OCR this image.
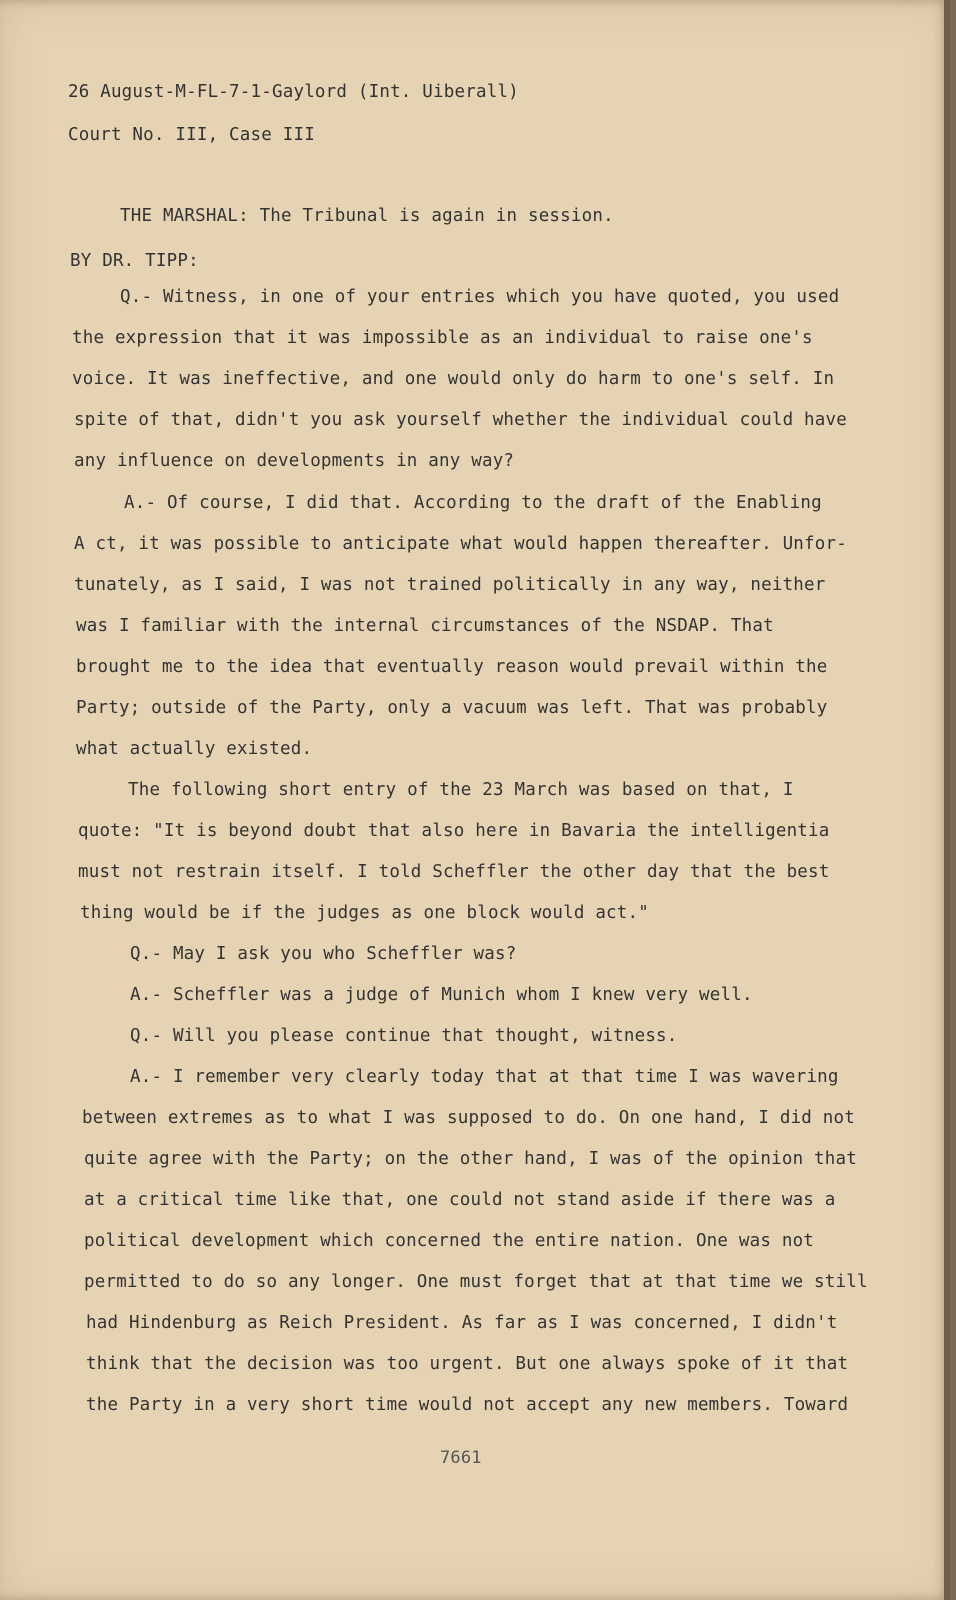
26 August-M-FL-7-1-Gaylord (Int. Uiberall)
Court No. III, Case III
THE MARSHAL: The Tribunal is again in session.
BY DR. TIPP:
Q.- Witness, in one of your entries which you have quoted, you used
the expression that it was impossible as an individual to raise one's
voice. It was ineffective, and one would only do harm to one's self. In
spite of that, didn't you ask yourself whether the individual could have
any influence on developments in any way?
A.- Of course, I did that. According to the draft of the Enabling
A ct, it was possible to anticipate what would happen thereafter. Unfor-
tunately, as I said, I was not trained politically in any way, neither
was I familiar with the internal circumstances of the NSDAP. That
brought me to the idea that eventually reason would prevail within the
Party; outside of the Party, only a vacuum was left. That was probably
what actually existed.
The following short entry of the 23 March was based on that, I
quote: "It is beyond doubt that also here in Bavaria the intelligentia
must not restrain itself. I told Scheffler the other day that the best
thing would be if the judges as one block would act."
Q.- May I ask you who Scheffler was?
A.- Scheffler was a judge of Munich whom I knew very well.
Q.- Will you please continue that thought, witness.
A.- I remember very clearly today that at that time I was wavering
between extremes as to what I was supposed to do. On one hand, I did not
quite agree with the Party; on the other hand, I was of the opinion that
at a critical time like that, one could not stand aside if there was a
political development which concerned the entire nation. One was not
permitted to do so any longer. One must forget that at that time we still
had Hindenburg as Reich President. As far as I was concerned, I didn't
think that the decision was too urgent. But one always spoke of it that
the Party in a very short time would not accept any new members. Toward
7661
